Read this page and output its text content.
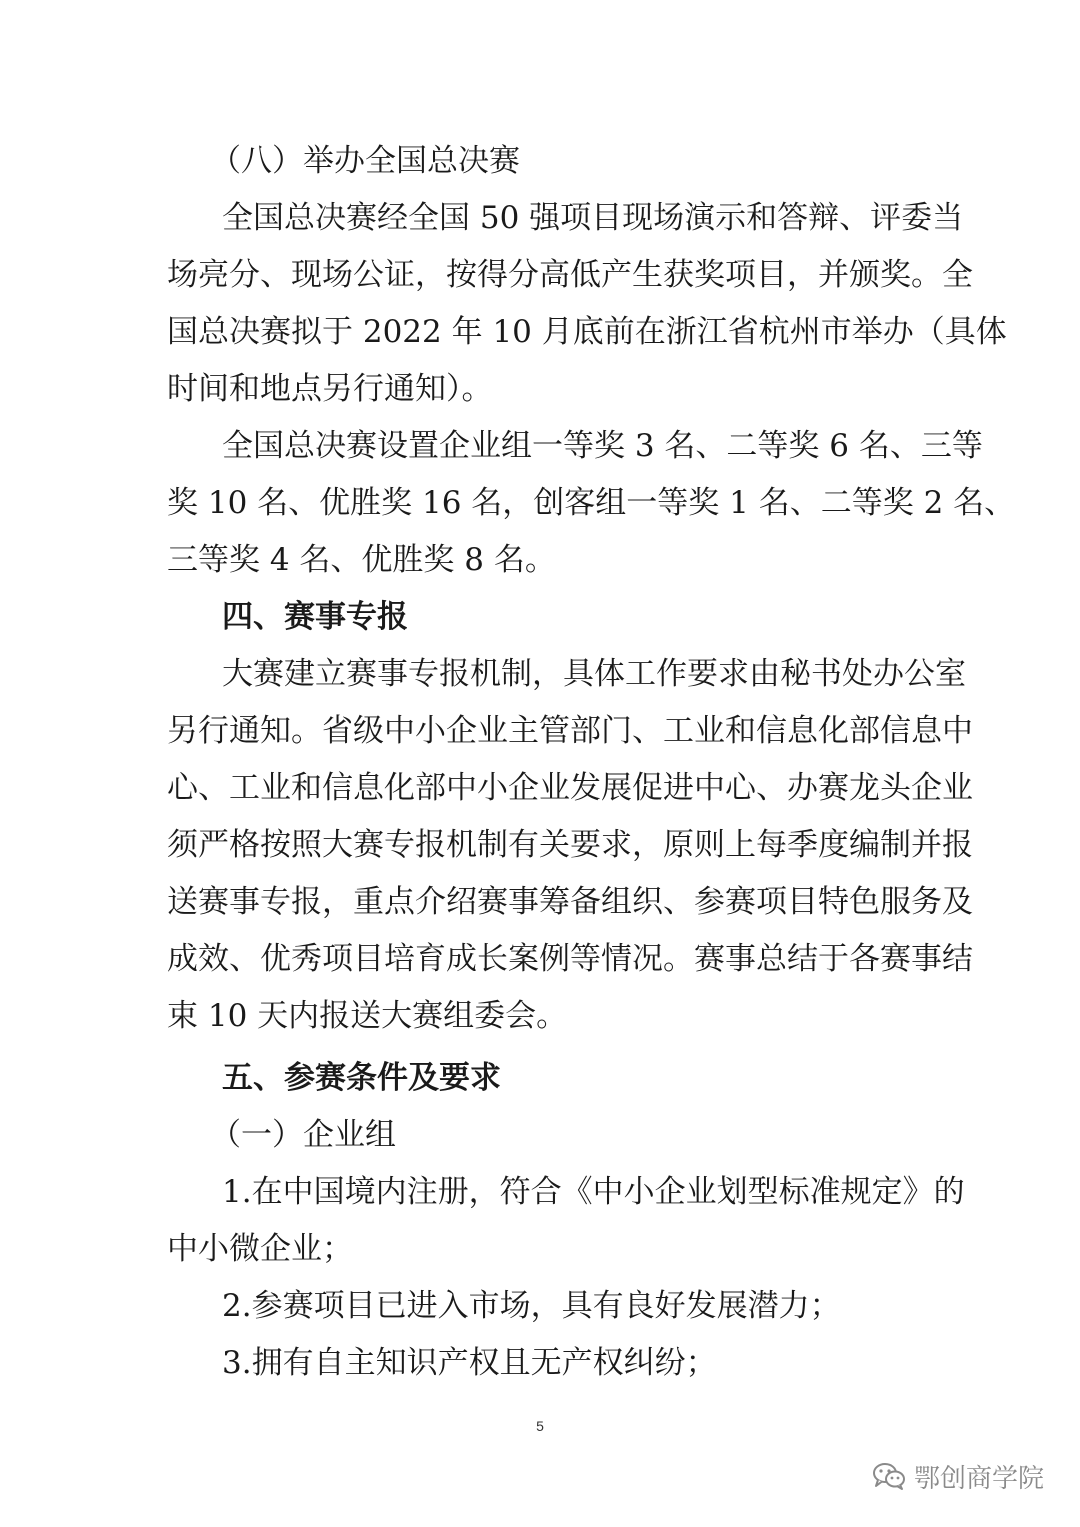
（八）举办全国总决赛
全国总决赛经全国 50 强项目现场演示和答辩、评委当
场亮分、现场公证，按得分高低产生获奖项目，并颁奖。全
国总决赛拟于 2022 年 10 月底前在浙江省杭州市举办（具体
时间和地点另行通知）。
全国总决赛设置企业组一等奖 3 名、二等奖 6 名、三等
奖 10 名、优胜奖 16 名，创客组一等奖 1 名、二等奖 2 名、
三等奖 4 名、优胜奖 8 名。
四、赛事专报
大赛建立赛事专报机制，具体工作要求由秘书处办公室
另行通知。省级中小企业主管部门、工业和信息化部信息中
心、工业和信息化部中小企业发展促进中心、办赛龙头企业
须严格按照大赛专报机制有关要求，原则上每季度编制并报
送赛事专报，重点介绍赛事筹备组织、参赛项目特色服务及
成效、优秀项目培育成长案例等情况。赛事总结于各赛事结
束 10 天内报送大赛组委会。
五、参赛条件及要求
（一）企业组
1.在中国境内注册，符合《中小企业划型标准规定》的
中小微企业；
2.参赛项目已进入市场，具有良好发展潜力；
3.拥有自主知识产权且无产权纠纷；
5
鄂创商学院
